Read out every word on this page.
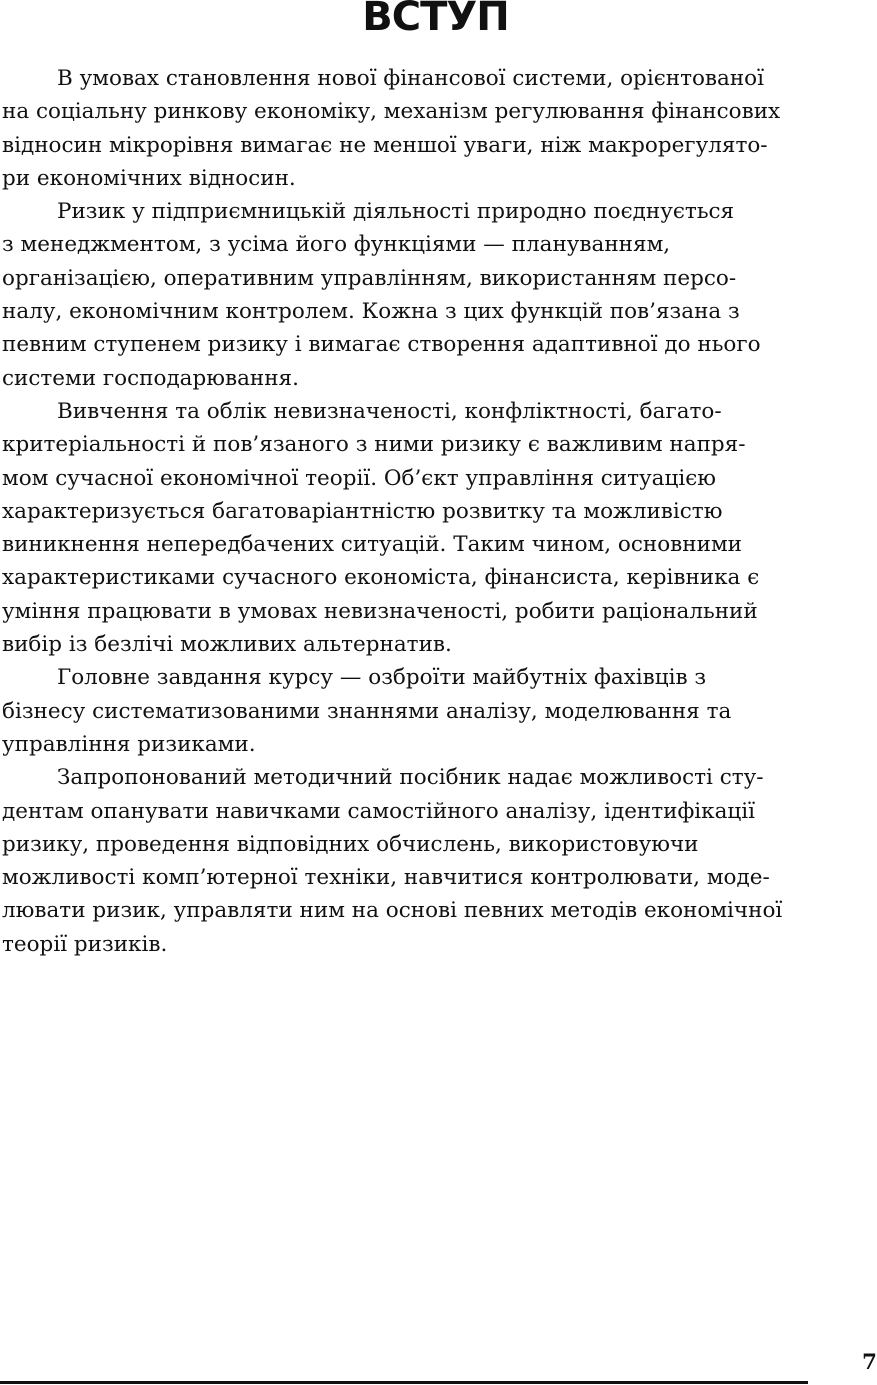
ВСТУП
В умовах становлення нової фінансової системи, орієнтованої
на соціальну ринкову економіку, механізм регулювання фінансових
відносин мікрорівня вимагає не меншої уваги, ніж макрорегулято-
ри економічних відносин.
Ризик у підприємницькій діяльності природно поєднується
з менеджментом, з усіма його функціями — плануванням,
організацією, оперативним управлінням, використанням персо-
налу, економічним контролем. Кожна з цих функцій пов’язана з
певним ступенем ризику і вимагає створення адаптивної до нього
системи господарювання.
Вивчення та облік невизначеності, конфліктності, багато-
критеріальності й пов’язаного з ними ризику є важливим напря-
мом сучасної економічної теорії. Об’єкт управління ситуацією
характеризується багатоваріантністю розвитку та можливістю
виникнення непередбачених ситуацій. Таким чином, основними
характеристиками сучасного економіста, фінансиста, керівника є
уміння працювати в умовах невизначеності, робити раціональний
вибір із безлічі можливих альтернатив.
Головне завдання курсу — озброїти майбутніх фахівців з
бізнесу систематизованими знаннями аналізу, моделювання та
управління ризиками.
Запропонований методичний посібник надає можливості сту-
дентам опанувати навичками самостійного аналізу, ідентифікації
ризику, проведення відповідних обчислень, використовуючи
можливості комп’ютерної техніки, навчитися контролювати, моде-
лювати ризик, управляти ним на основі певних методів економічної
теорії ризиків.
7
